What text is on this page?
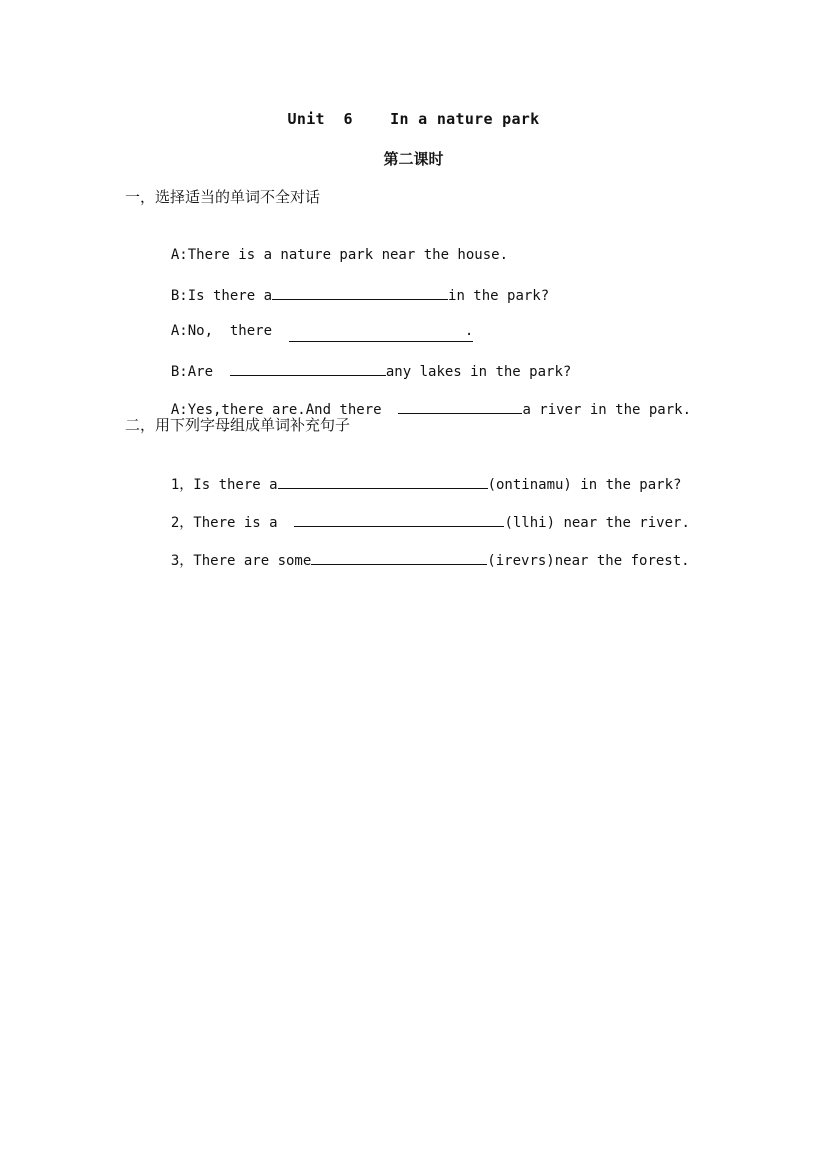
Unit  6    In a nature park
第二课时
一，选择适当的单词不全对话

A:There is a nature park near the house.

B:Is there a	in the park?

A:No,  there	.

B:Are	any lakes in the park?

A:Yes,there are.And there	a river in the park.

二，用下列字母组成单词补充句子

1，Is there a	(ontinamu) in the park?

2，There is a	(llhi) near the river.

3，There are some	(irevrs)near the forest.
